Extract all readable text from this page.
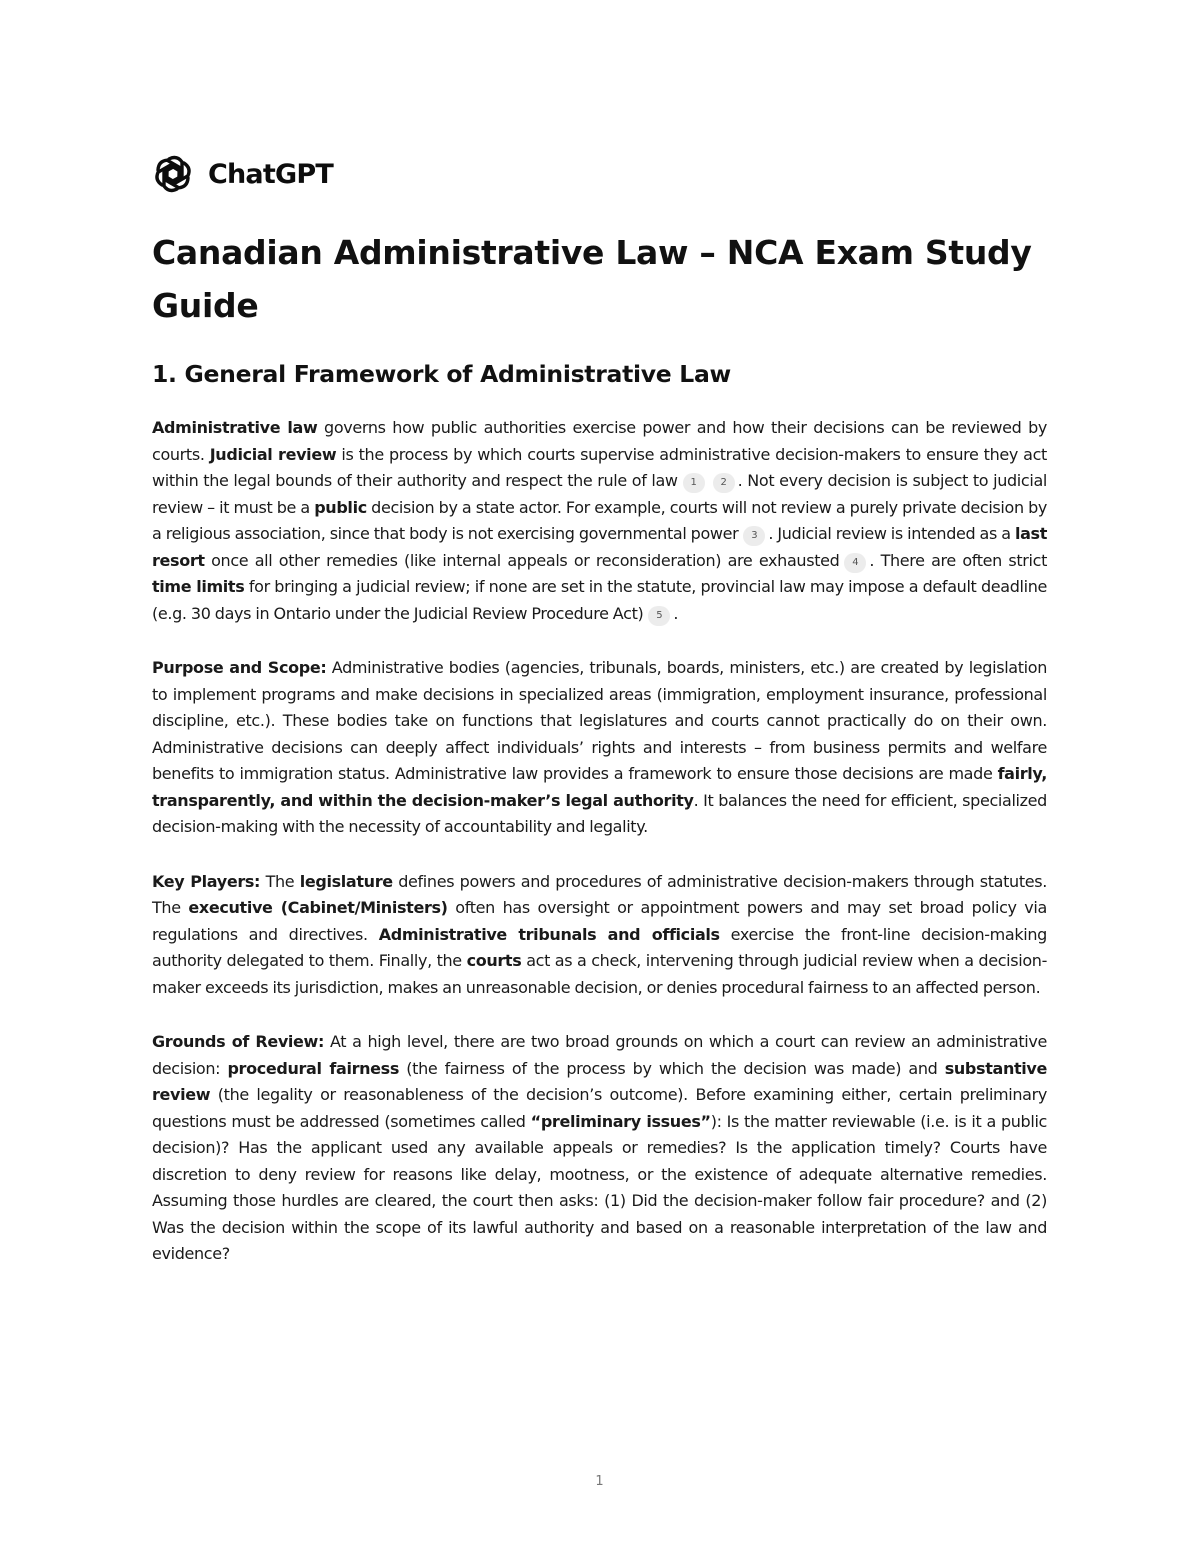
ChatGPT
Canadian Administrative Law – NCA Exam Study Guide
1. General Framework of Administrative Law

Administrative law governs how public authorities exercise power and how their decisions can be reviewed by courts. Judicial review is the process by which courts supervise administrative decision-makers to ensure they act within the legal bounds of their authority and respect the rule of law 1 2 . Not every decision is subject to judicial review – it must be a public decision by a state actor. For example, courts will not review a purely private decision by a religious association, since that body is not exercising governmental power 3 . Judicial review is intended as a last resort once all other remedies (like internal appeals or reconsideration) are exhausted 4 . There are often strict time limits for bringing a judicial review; if none are set in the statute, provincial law may impose a default deadline (e.g. 30 days in Ontario under the Judicial Review Procedure Act) 5 .

Purpose and Scope: Administrative bodies (agencies, tribunals, boards, ministers, etc.) are created by legislation to implement programs and make decisions in specialized areas (immigration, employment insurance, professional discipline, etc.). These bodies take on functions that legislatures and courts cannot practically do on their own. Administrative decisions can deeply affect individuals’ rights and interests – from business permits and welfare benefits to immigration status. Administrative law provides a framework to ensure those decisions are made fairly, transparently, and within the decision-maker’s legal authority. It balances the need for efficient, specialized decision-making with the necessity of accountability and legality.

Key Players: The legislature defines powers and procedures of administrative decision-makers through statutes. The executive (Cabinet/Ministers) often has oversight or appointment powers and may set broad policy via regulations and directives. Administrative tribunals and officials exercise the front-line decision-making authority delegated to them. Finally, the courts act as a check, intervening through judicial review when a decision-maker exceeds its jurisdiction, makes an unreasonable decision, or denies procedural fairness to an affected person.

Grounds of Review: At a high level, there are two broad grounds on which a court can review an administrative decision: procedural fairness (the fairness of the process by which the decision was made) and substantive review (the legality or reasonableness of the decision’s outcome). Before examining either, certain preliminary questions must be addressed (sometimes called “preliminary issues”): Is the matter reviewable (i.e. is it a public decision)? Has the applicant used any available appeals or remedies? Is the application timely? Courts have discretion to deny review for reasons like delay, mootness, or the existence of adequate alternative remedies. Assuming those hurdles are cleared, the court then asks: (1) Did the decision-maker follow fair procedure? and (2) Was the decision within the scope of its lawful authority and based on a reasonable interpretation of the law and evidence?

1
